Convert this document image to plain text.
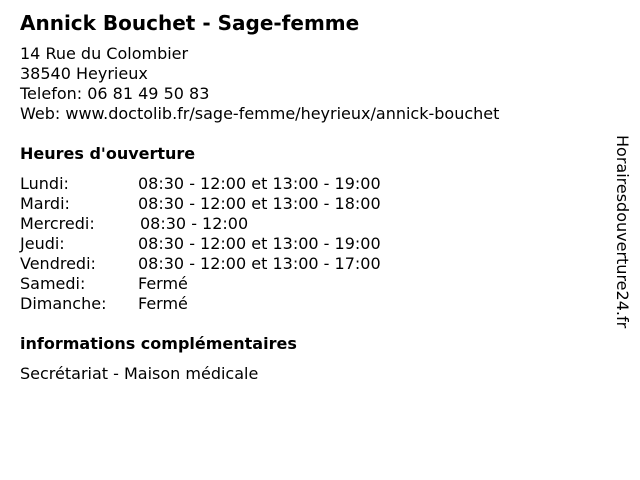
Annick Bouchet - Sage-femme
14 Rue du Colombier
38540 Heyrieux
Telefon: 06 81 49 50 83
Web: www.doctolib.fr/sage-femme/heyrieux/annick-bouchet
Heures d'ouverture
Lundi:	08:30 - 12:00 et 13:00 - 19:00
Mardi:	08:30 - 12:00 et 13:00 - 18:00
Mercredi:	08:30 - 12:00
Jeudi:	08:30 - 12:00 et 13:00 - 19:00
Vendredi:	08:30 - 12:00 et 13:00 - 17:00
Samedi:	Fermé
Dimanche:	Fermé
informations complémentaires
Secrétariat - Maison médicale
Horairesdouverture24.fr
